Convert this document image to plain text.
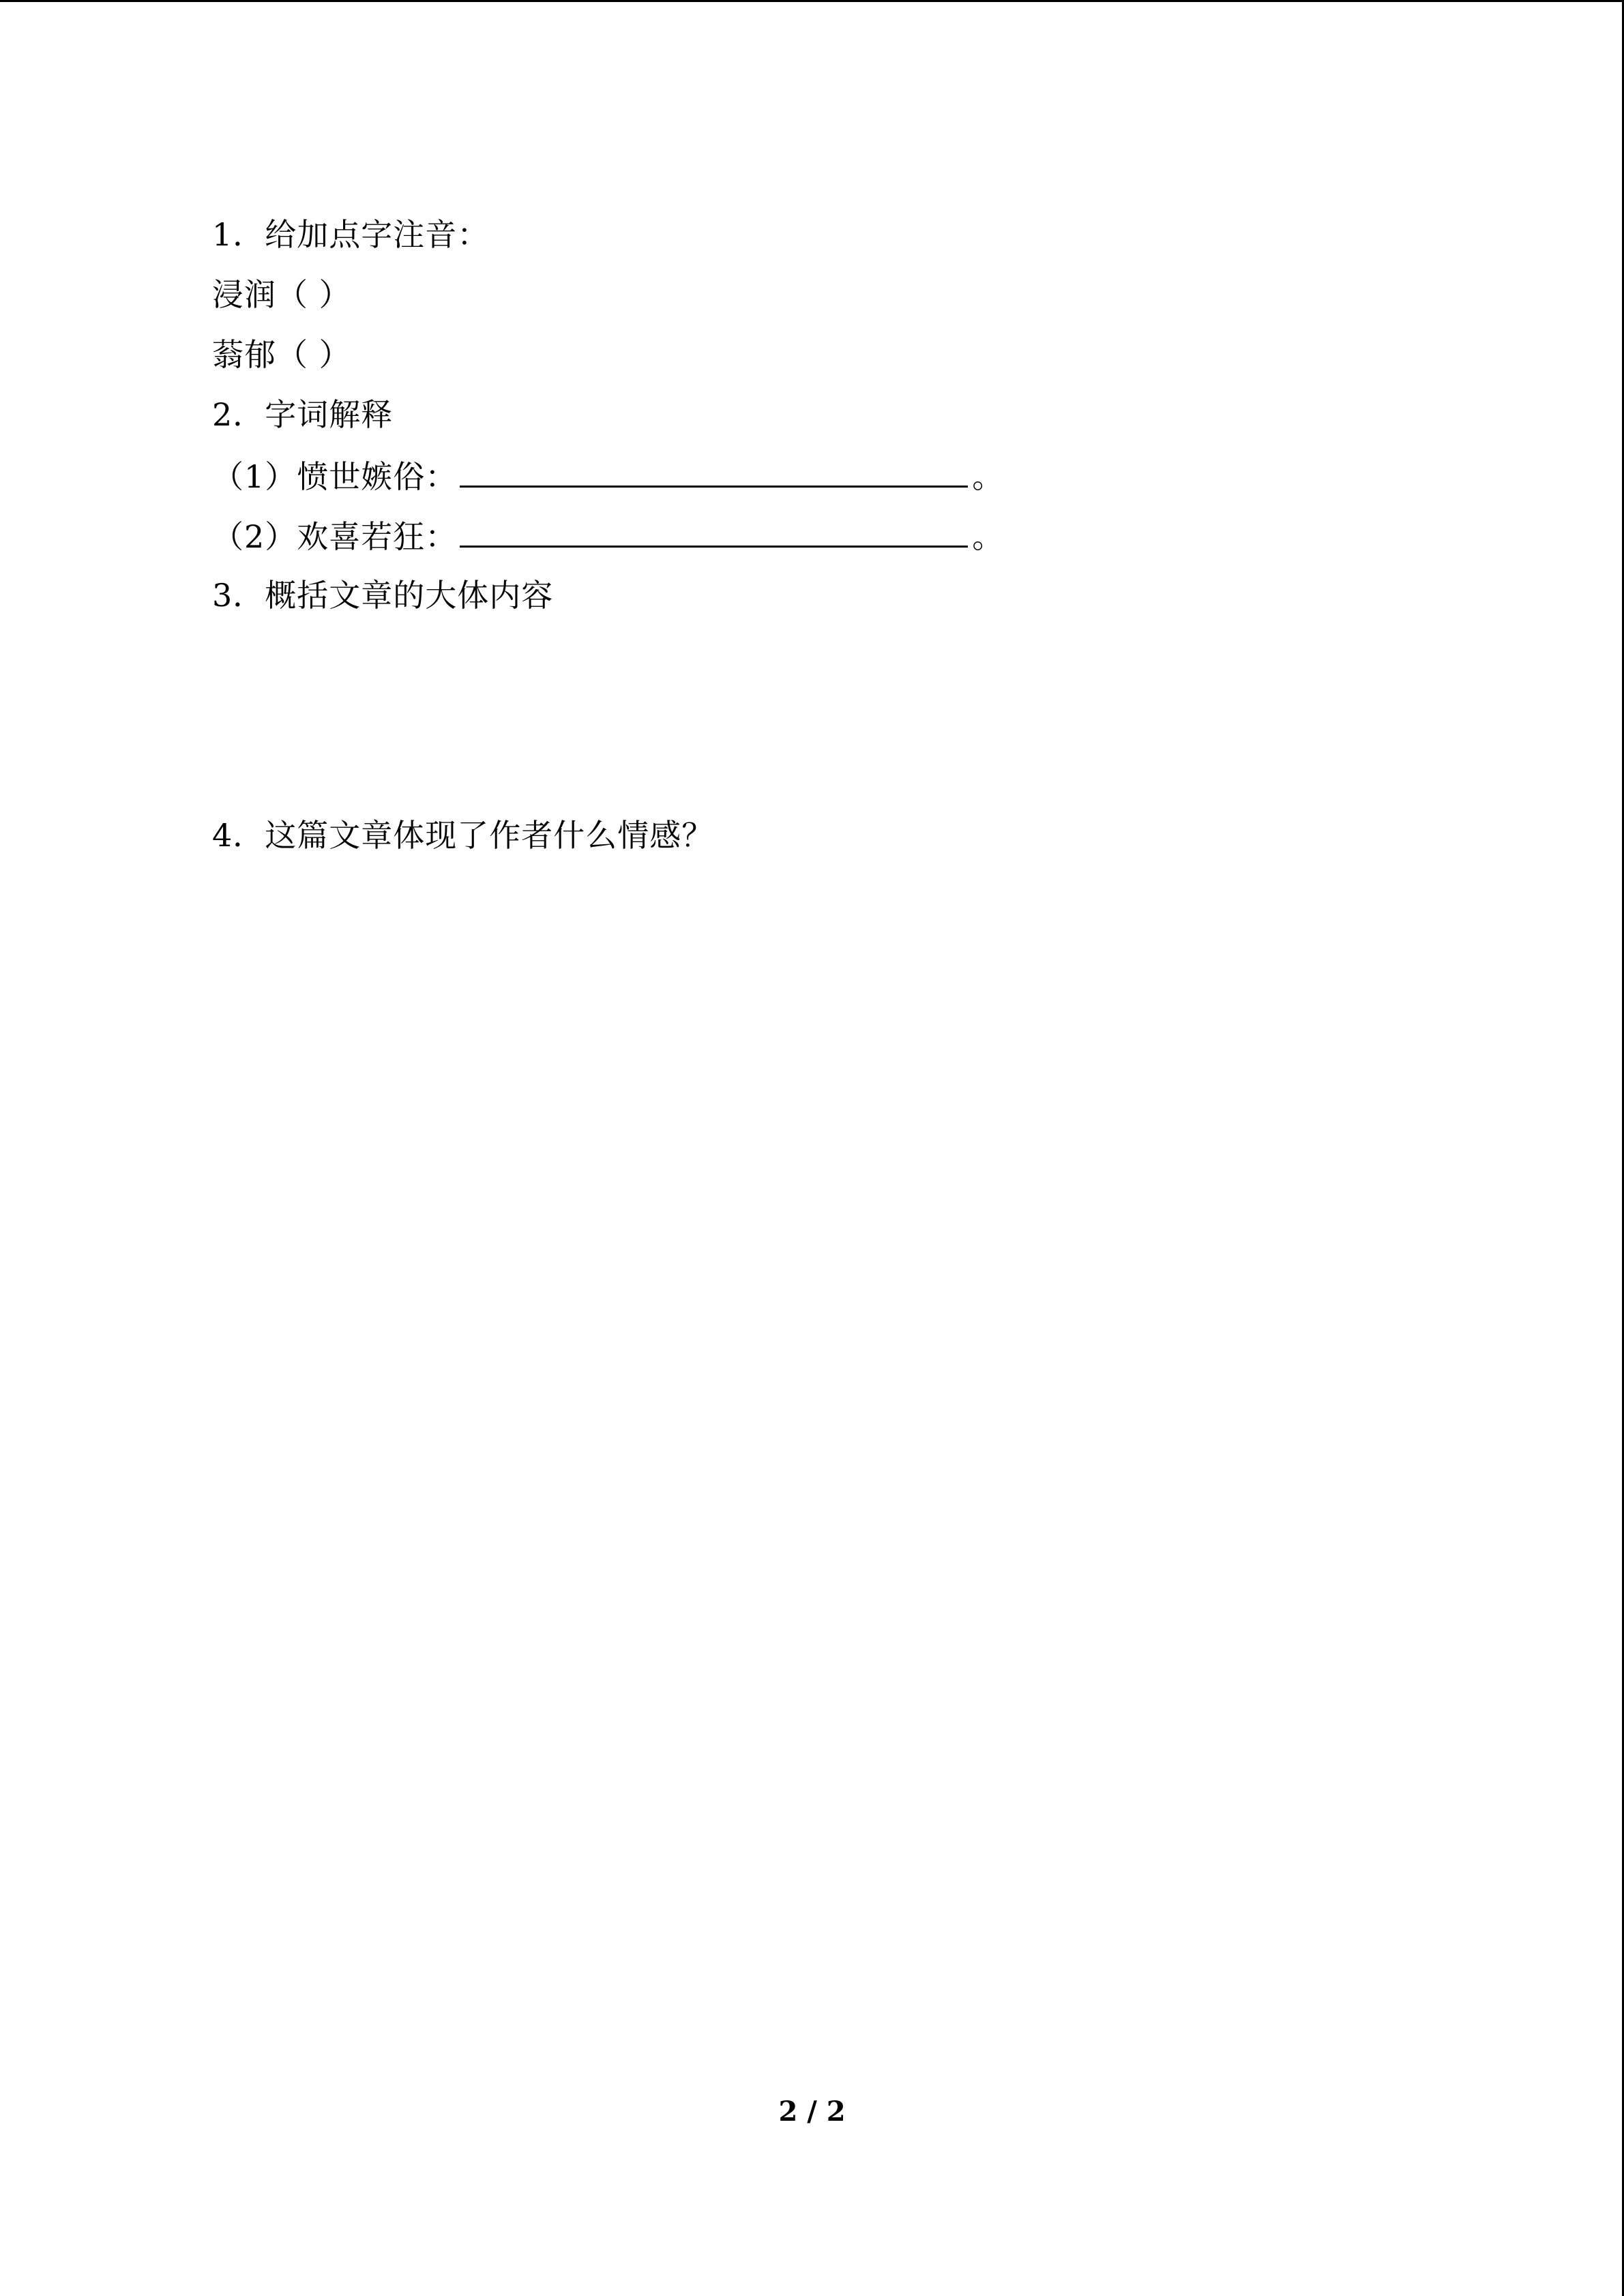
1．给加点字注音：
浸润（ ）
蓊郁（ ）
2．字词解释
（1）愤世嫉俗：	。
（2）欢喜若狂：	。
3．概括文章的大体内容
4．这篇文章体现了作者什么情感？
2 / 2
